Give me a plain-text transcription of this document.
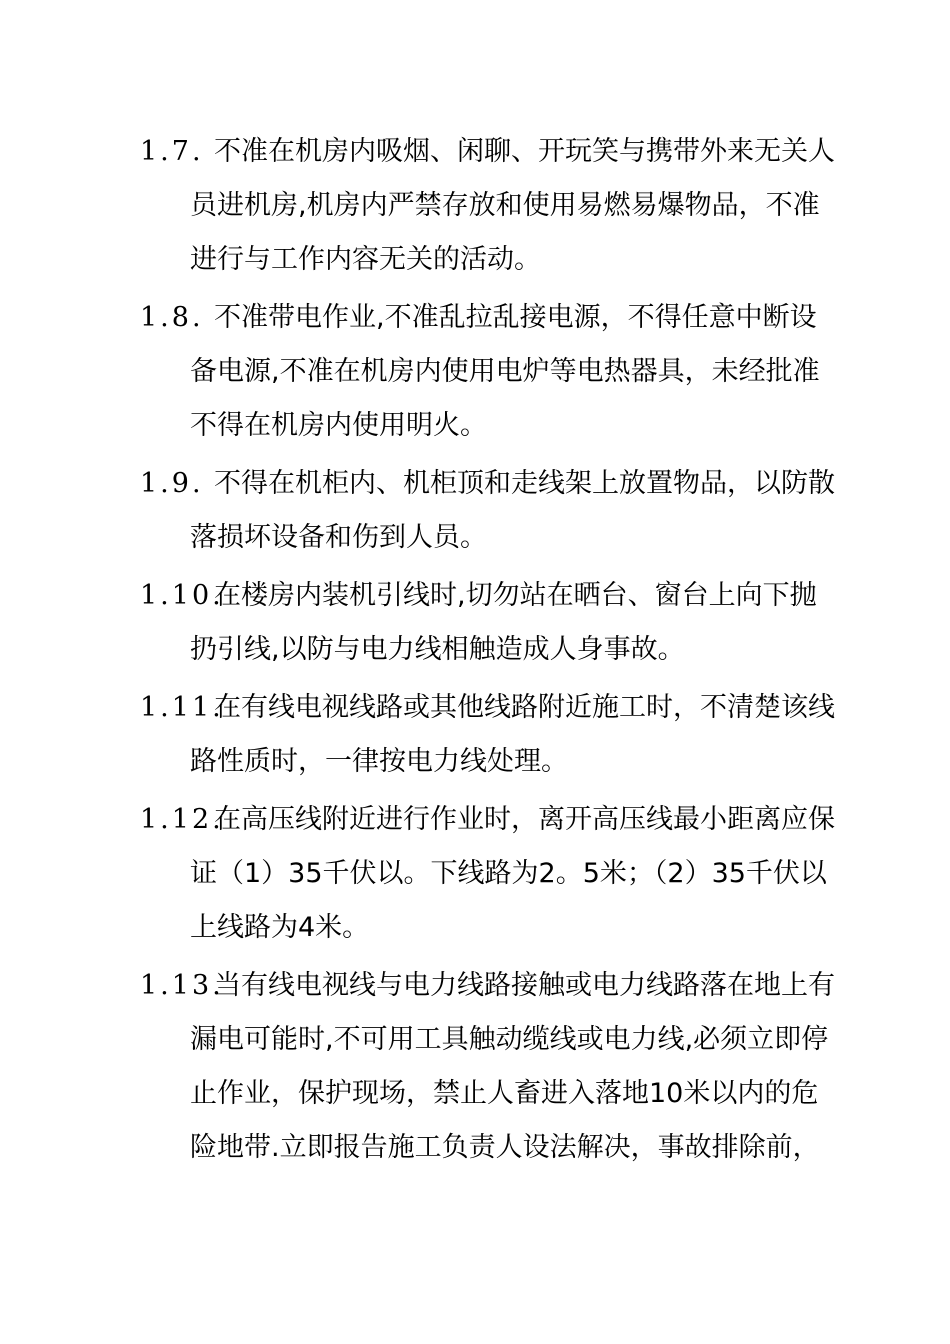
1.7. 不准在机房内吸烟、闲聊、开玩笑与携带外来无关人
员进机房,机房内严禁存放和使用易燃易爆物品，不准
进行与工作内容无关的活动。
1.8. 不准带电作业,不准乱拉乱接电源，不得任意中断设
备电源,不准在机房内使用电炉等电热器具，未经批准
不得在机房内使用明火。
1.9. 不得在机柜内、机柜顶和走线架上放置物品，以防散
落损坏设备和伤到人员。
1.10.
在楼房内装机引线时,切勿站在晒台、窗台上向下抛
扔引线,以防与电力线相触造成人身事故。
1.11.
在有线电视线路或其他线路附近施工时，不清楚该线
路性质时，一律按电力线处理。
1.12.
在高压线附近进行作业时，离开高压线最小距离应保
证（1）35千伏以。下线路为2。5米；（2）35千伏以
上线路为4米。
1.13.
当有线电视线与电力线路接触或电力线路落在地上有
漏电可能时,不可用工具触动缆线或电力线,必须立即停
止作业，保护现场，禁止人畜进入落地10米以内的危
险地带.立即报告施工负责人设法解决，事故排除前，
